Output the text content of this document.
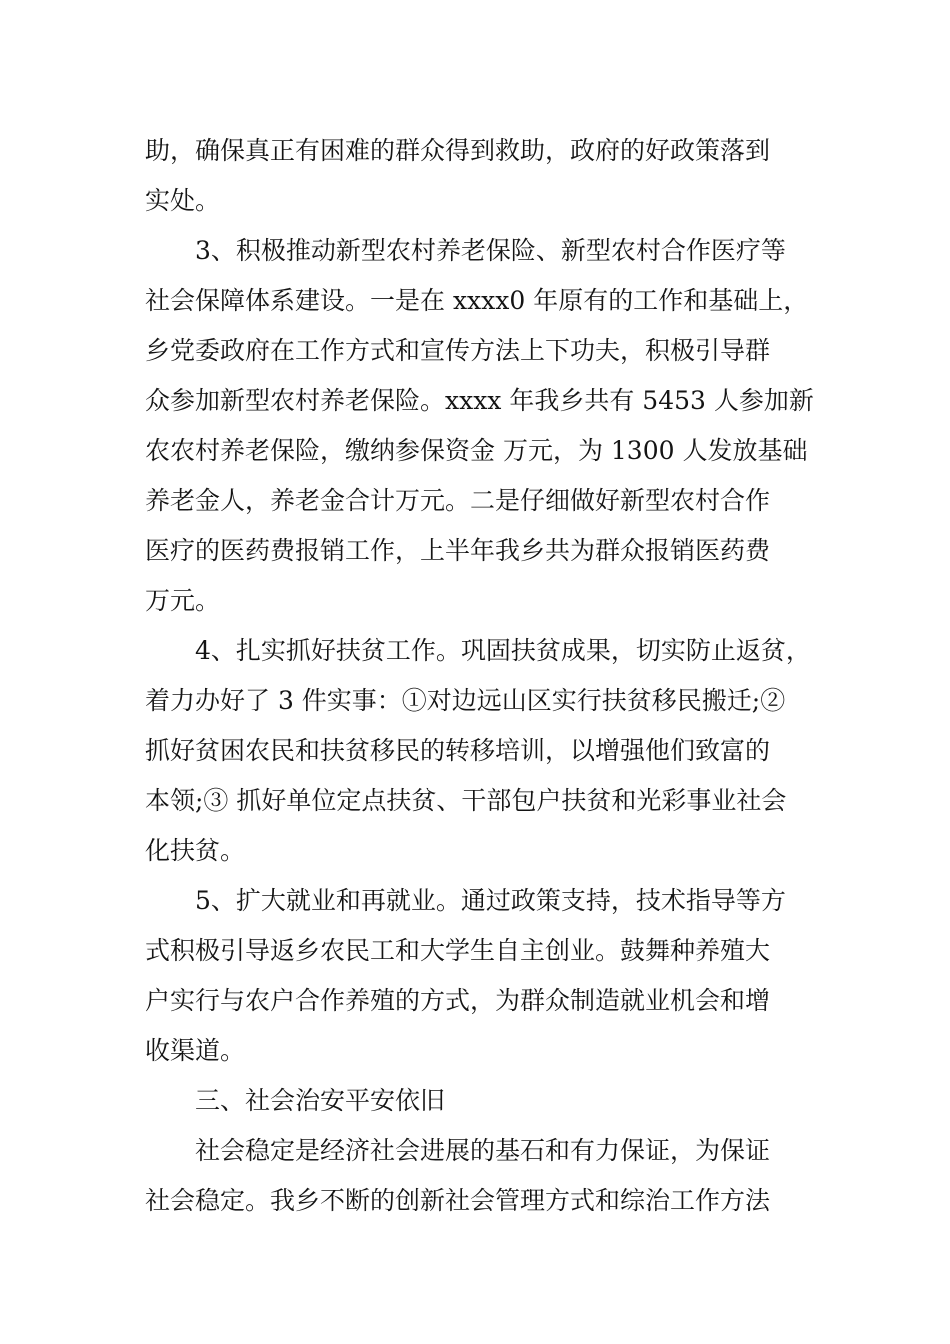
助，确保真正有困难的群众得到救助，政府的好政策落到
实处。
3、积极推动新型农村养老保险、新型农村合作医疗等
社会保障体系建设。一是在 xxxx0 年原有的工作和基础上，
乡党委政府在工作方式和宣传方法上下功夫，积极引导群
众参加新型农村养老保险。xxxx 年我乡共有 5453 人参加新
农农村养老保险，缴纳参保资金 万元，为 1300 人发放基础
养老金人，养老金合计万元。二是仔细做好新型农村合作
医疗的医药费报销工作，上半年我乡共为群众报销医药费
万元。
4、扎实抓好扶贫工作。巩固扶贫成果，切实防止返贫，
着力办好了 3 件实事：①对边远山区实行扶贫移民搬迁;②
抓好贫困农民和扶贫移民的转移培训，以增强他们致富的
本领;③ 抓好单位定点扶贫、干部包户扶贫和光彩事业社会
化扶贫。
5、扩大就业和再就业。通过政策支持，技术指导等方
式积极引导返乡农民工和大学生自主创业。鼓舞种养殖大
户实行与农户合作养殖的方式，为群众制造就业机会和增
收渠道。
三、社会治安平安依旧
社会稳定是经济社会进展的基石和有力保证，为保证
社会稳定。我乡不断的创新社会管理方式和综治工作方法
